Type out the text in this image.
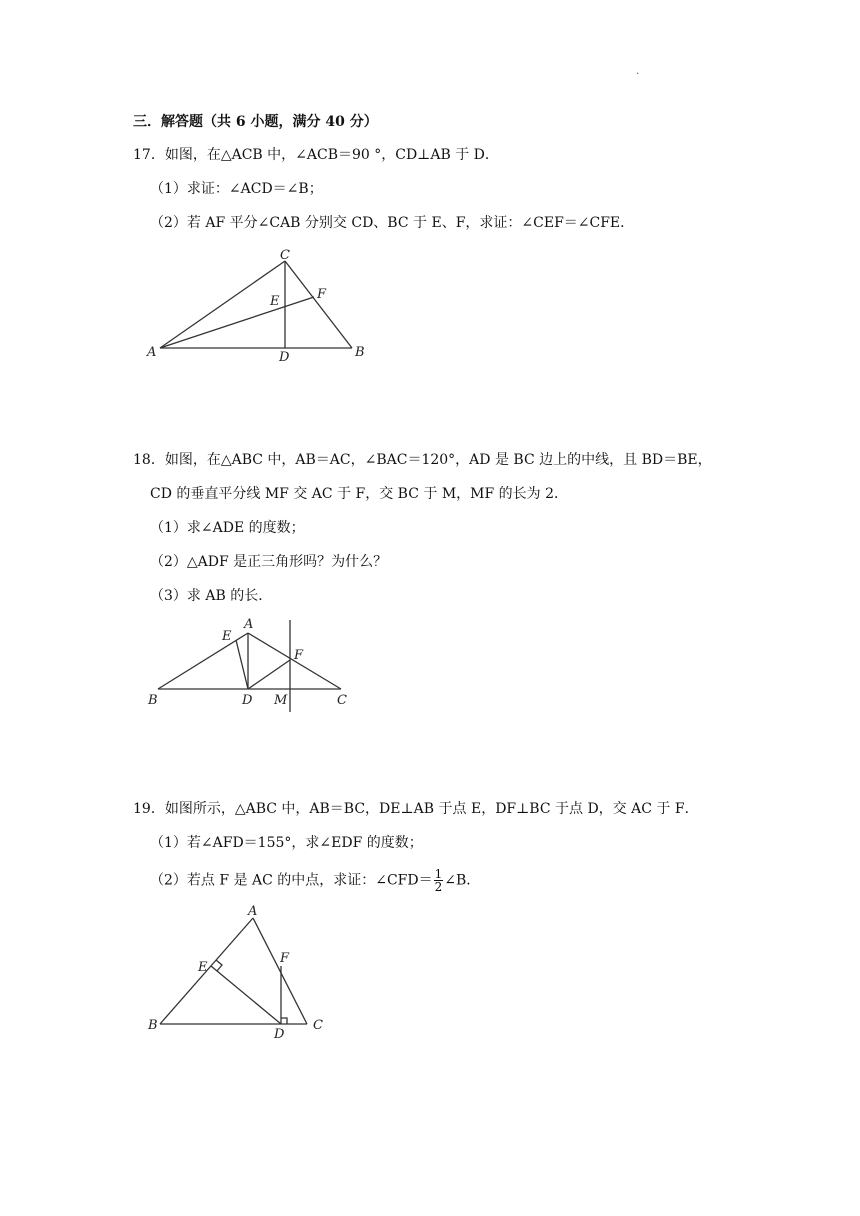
.
三．解答题（共 6 小题，满分 40 分）
17．如图，在△ACB 中，∠ACB＝90 °，CD⊥AB 于 D．
（1）求证：∠ACD＝∠B；
（2）若 AF 平分∠CAB 分别交 CD、BC 于 E、F，求证：∠CEF＝∠CFE．
A	B
C
D
E	F
18．如图，在△ABC 中，AB＝AC，∠BAC＝120°，AD 是 BC 边上的中线，且 BD＝BE，
CD 的垂直平分线 MF 交 AC 于 F，交 BC 于 M，MF 的长为 2．
（1）求∠ADE 的度数；
（2）△ADF 是正三角形吗？为什么？
（3）求 AB 的长．
A
B	C
D
E
F
M
19．如图所示，△ABC 中，AB＝BC，DE⊥AB 于点 E，DF⊥BC 于点 D，交 AC 于 F．
（1）若∠AFD＝155°，求∠EDF 的度数；
（2）若点 F 是 AC 的中点，求证：∠CFD＝ $\frac{1}{2}$ ∠B．
A
B	C
D
E
F
